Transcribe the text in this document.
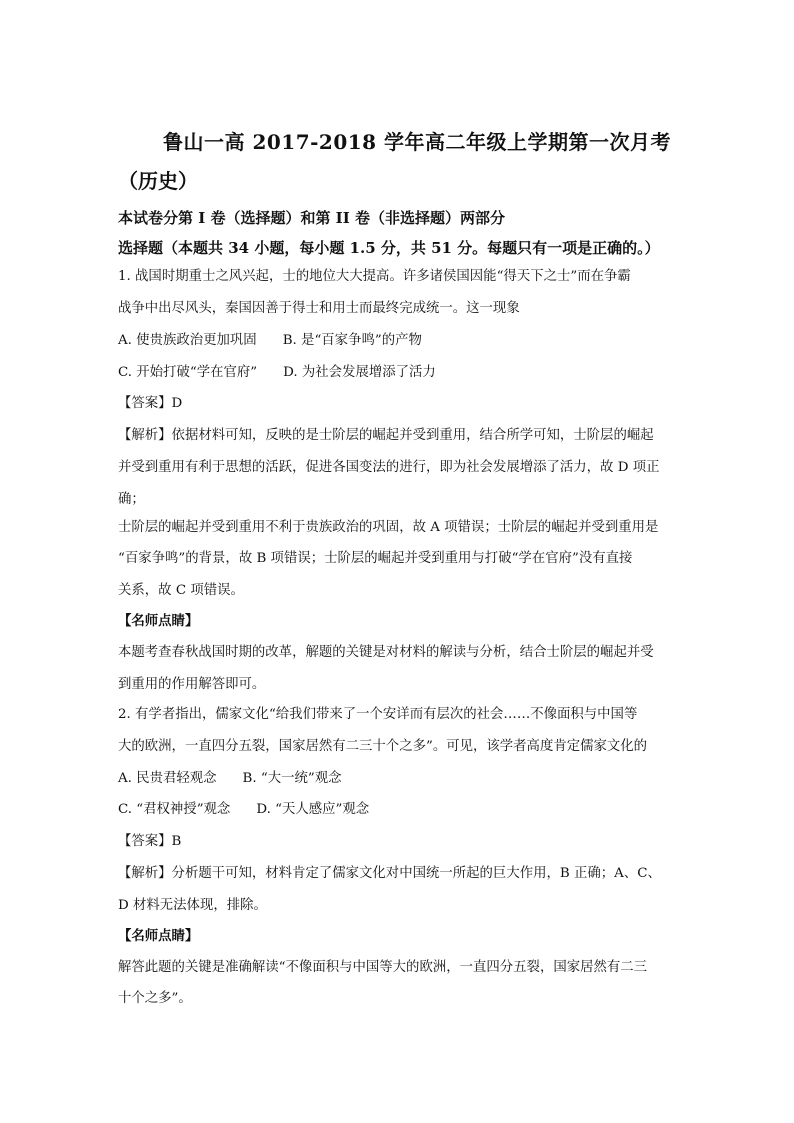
鲁山一高 2017-2018 学年高二年级上学期第一次月考
（历史）
本试卷分第 I 卷（选择题）和第 II 卷（非选择题）两部分
选择题（本题共 34 小题，每小题 1.5 分，共 51 分。每题只有一项是正确的。）
1. 战国时期重士之风兴起，士的地位大大提高。许多诸侯国因能“得天下之士”而在争霸
战争中出尽风头，秦国因善于得士和用士而最终完成统一。这一现象
A. 使贵族政治更加巩固 B. 是“百家争鸣”的产物
C. 开始打破“学在官府” D. 为社会发展增添了活力
【答案】D
【解析】依据材料可知，反映的是士阶层的崛起并受到重用，结合所学可知，士阶层的崛起
并受到重用有利于思想的活跃，促进各国变法的进行，即为社会发展增添了活力，故 D 项正
确；
士阶层的崛起并受到重用不利于贵族政治的巩固，故 A 项错误；士阶层的崛起并受到重用是
“百家争鸣”的背景，故 B 项错误；士阶层的崛起并受到重用与打破“学在官府”没有直接
关系，故 C 项错误。
【名师点睛】
本题考查春秋战国时期的改革，解题的关键是对材料的解读与分析，结合士阶层的崛起并受
到重用的作用解答即可。
2. 有学者指出，儒家文化“给我们带来了一个安详而有层次的社会……不像面积与中国等
大的欧洲，一直四分五裂，国家居然有二三十个之多”。可见，该学者高度肯定儒家文化的
A. 民贵君轻观念 B. “大一统”观念
C. “君权神授”观念 D. “天人感应”观念
【答案】B
【解析】分析题干可知，材料肯定了儒家文化对中国统一所起的巨大作用，B 正确；A、C、
D 材料无法体现，排除。
【名师点睛】
解答此题的关键是准确解读“不像面积与中国等大的欧洲，一直四分五裂，国家居然有二三
十个之多”。
